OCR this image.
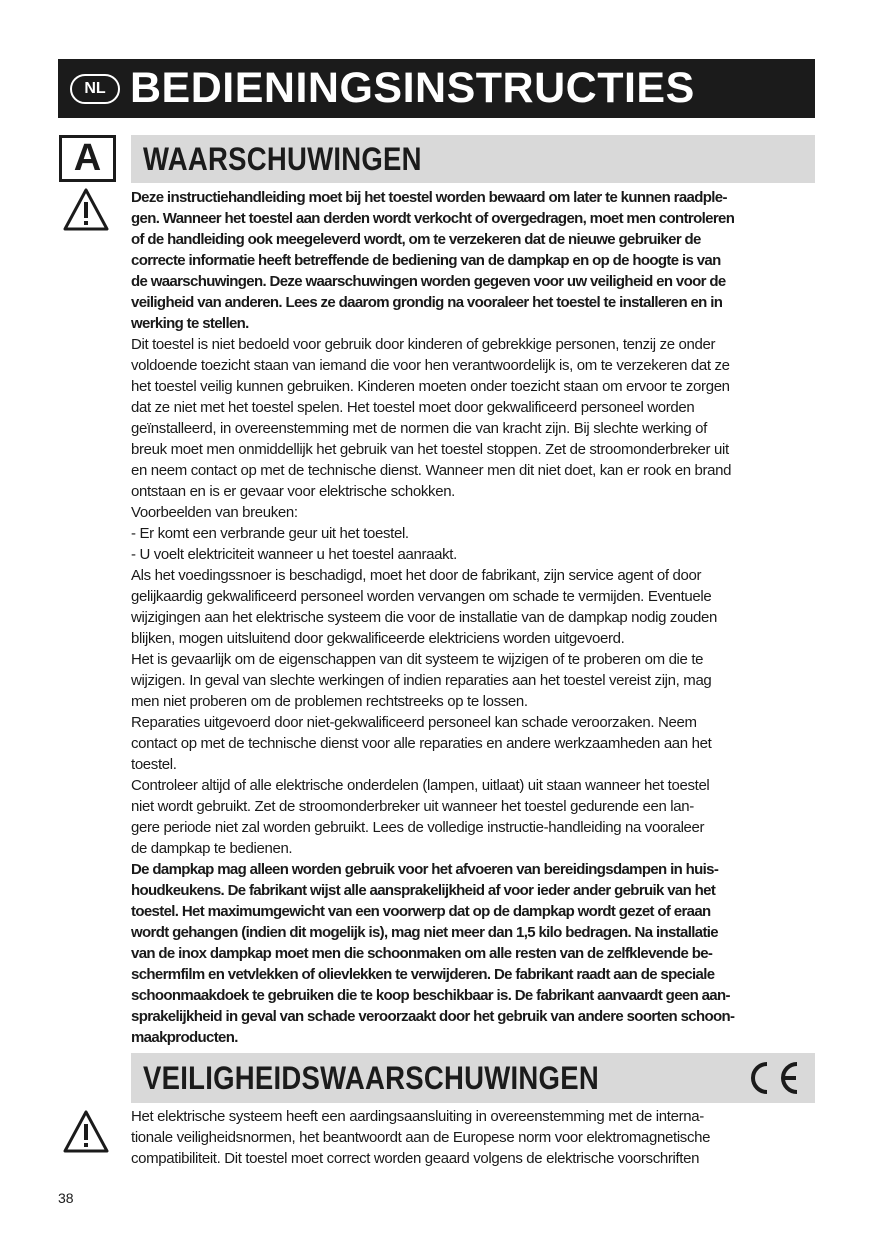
NL BEDIENINGSINSTRUCTIES
A	WAARSCHUWINGEN
Deze instructiehandleiding moet bij het toestel worden bewaard om later te kunnen raadple-
gen. Wanneer het toestel aan derden wordt verkocht of overgedragen, moet men controleren
of de handleiding ook meegeleverd wordt, om te verzekeren dat de nieuwe gebruiker de
correcte informatie heeft betreffende de bediening van de dampkap en op de hoogte is van
de waarschuwingen. Deze waarschuwingen worden gegeven voor uw veiligheid en voor de
veiligheid van anderen. Lees ze daarom grondig na vooraleer het toestel te installeren en in
werking te stellen.
Dit toestel is niet bedoeld voor gebruik door kinderen of gebrekkige personen, tenzij ze onder
voldoende toezicht staan van iemand die voor hen verantwoordelijk is, om te verzekeren dat ze
het toestel veilig kunnen gebruiken. Kinderen moeten onder toezicht staan om ervoor te zorgen
dat ze niet met het toestel spelen. Het toestel moet door gekwalificeerd personeel worden
geïnstalleerd, in overeenstemming met de normen die van kracht zijn. Bij slechte werking of
breuk moet men onmiddellijk het gebruik van het toestel stoppen. Zet de stroomonderbreker uit
en neem contact op met de technische dienst. Wanneer men dit niet doet, kan er rook en brand
ontstaan en is er gevaar voor elektrische schokken.
Voorbeelden van breuken:
- Er komt een verbrande geur uit het toestel.
- U voelt elektriciteit wanneer u het toestel aanraakt.
Als het voedingssnoer is beschadigd, moet het door de fabrikant, zijn service agent of door
gelijkaardig gekwalificeerd personeel worden vervangen om schade te vermijden. Eventuele
wijzigingen aan het elektrische systeem die voor de installatie van de dampkap nodig zouden
blijken, mogen uitsluitend door gekwalificeerde elektriciens worden uitgevoerd.
Het is gevaarlijk om de eigenschappen van dit systeem te wijzigen of te proberen om die te
wijzigen. In geval van slechte werkingen of indien reparaties aan het toestel vereist zijn, mag
men niet proberen om de problemen rechtstreeks op te lossen.
Reparaties uitgevoerd door niet-gekwalificeerd personeel kan schade veroorzaken. Neem
contact op met de technische dienst voor alle reparaties en andere werkzaamheden aan het
toestel.
Controleer altijd of alle elektrische onderdelen (lampen, uitlaat) uit staan wanneer het toestel
niet wordt gebruikt. Zet de stroomonderbreker uit wanneer het toestel gedurende een lan-
gere periode niet zal worden gebruikt. Lees de volledige instructie-handleiding na vooraleer
de dampkap te bedienen.
De dampkap mag alleen worden gebruik voor het afvoeren van bereidingsdampen in huis-
houdkeukens. De fabrikant wijst alle aansprakelijkheid af voor ieder ander gebruik van het
toestel. Het maximumgewicht van een voorwerp dat op de dampkap wordt gezet of eraan
wordt gehangen (indien dit mogelijk is), mag niet meer dan 1,5 kilo bedragen. Na installatie
van de inox dampkap moet men die schoonmaken om alle resten van de zelfklevende be-
schermfilm en vetvlekken of olievlekken te verwijderen. De fabrikant raadt aan de speciale
schoonmaakdoek te gebruiken die te koop beschikbaar is. De fabrikant aanvaardt geen aan-
sprakelijkheid in geval van schade veroorzaakt door het gebruik van andere soorten schoon-
maakproducten.
VEILIGHEIDSWAARSCHUWINGEN
Het elektrische systeem heeft een aardingsaansluiting in overeenstemming met de interna-
tionale veiligheidsnormen, het beantwoordt aan de Europese norm voor elektromagnetische
compatibiliteit. Dit toestel moet correct worden geaard volgens de elektrische voorschriften
38
